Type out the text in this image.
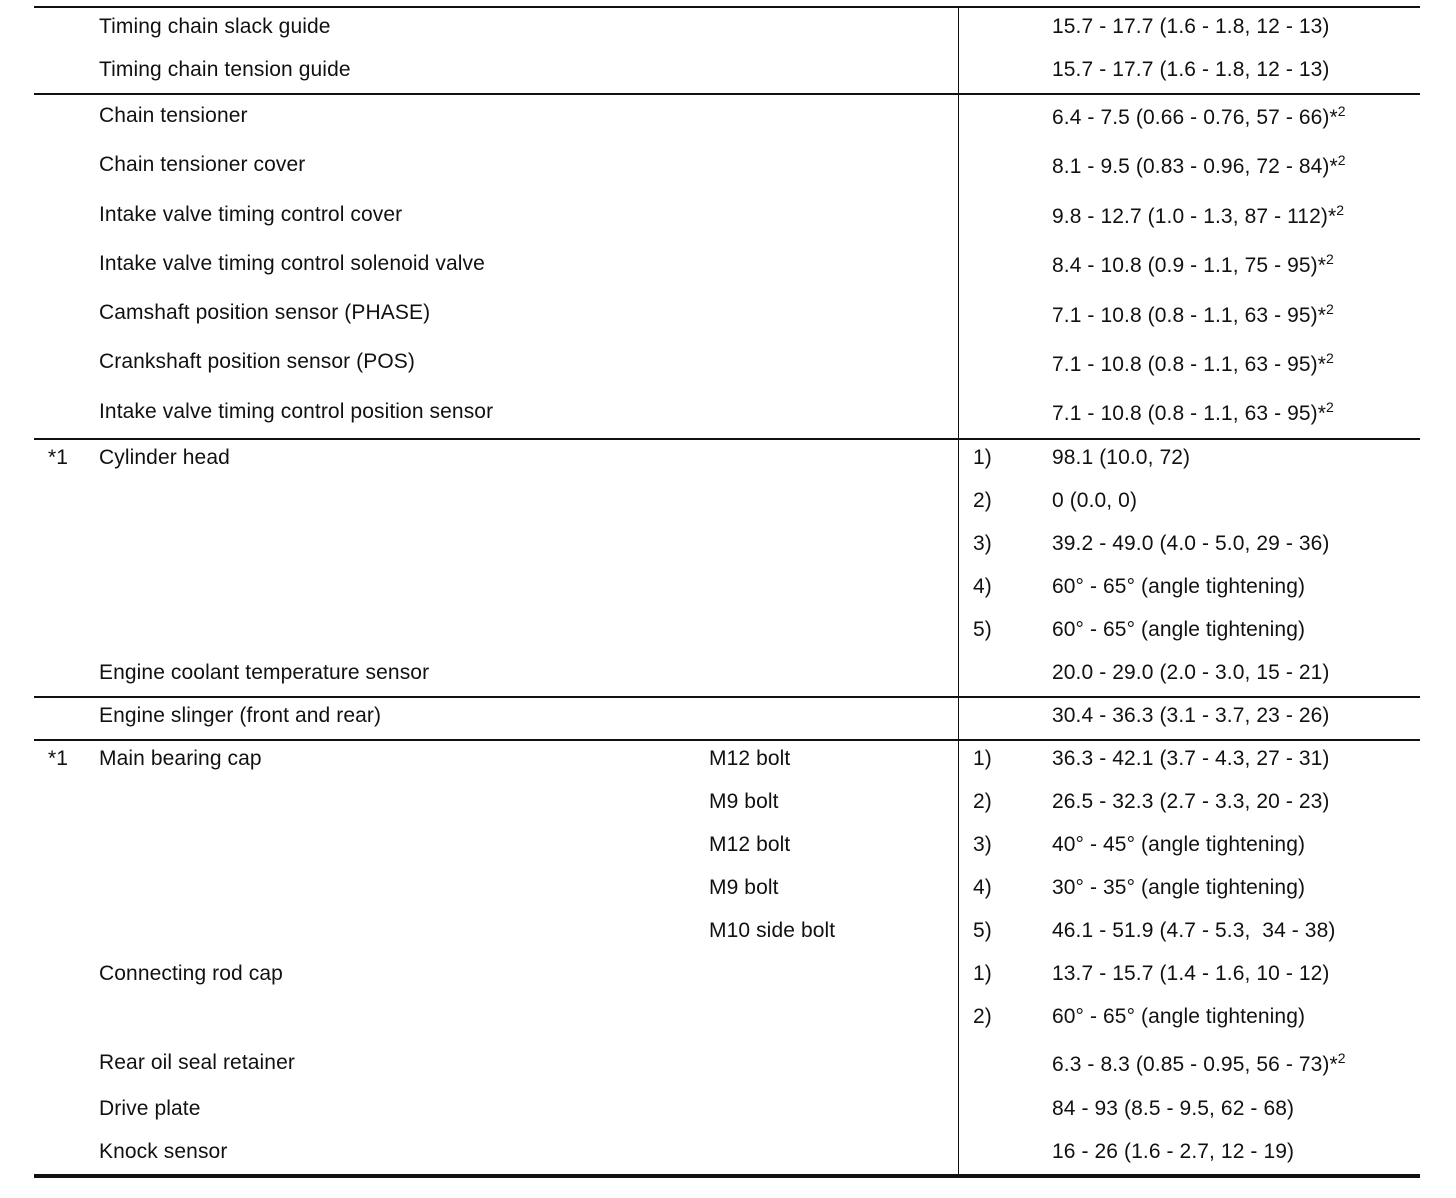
Timing chain slack guide	15.7 - 17.7 (1.6 - 1.8, 12 - 13)
Timing chain tension guide	15.7 - 17.7 (1.6 - 1.8, 12 - 13)
Chain tensioner	6.4 - 7.5 (0.66 - 0.76, 57 - 66)*$^2$
Chain tensioner cover	8.1 - 9.5 (0.83 - 0.96, 72 - 84)*$^2$
Intake valve timing control cover	9.8 - 12.7 (1.0 - 1.3, 87 - 112)*$^2$
Intake valve timing control solenoid valve	8.4 - 10.8 (0.9 - 1.1, 75 - 95)*$^2$
Camshaft position sensor (PHASE)	7.1 - 10.8 (0.8 - 1.1, 63 - 95)*$^2$
Crankshaft position sensor (POS)	7.1 - 10.8 (0.8 - 1.1, 63 - 95)*$^2$
Intake valve timing control position sensor	7.1 - 10.8 (0.8 - 1.1, 63 - 95)*$^2$
*1 Cylinder head	1)	98.1 (10.0, 72)
2)	0 (0.0, 0)
3)	39.2 - 49.0 (4.0 - 5.0, 29 - 36)
4)	60° - 65° (angle tightening)
5)	60° - 65° (angle tightening)
Engine coolant temperature sensor	20.0 - 29.0 (2.0 - 3.0, 15 - 21)
Engine slinger (front and rear)	30.4 - 36.3 (3.1 - 3.7, 23 - 26)
*1 Main bearing cap	M12 bolt	1)	36.3 - 42.1 (3.7 - 4.3, 27 - 31)
M9 bolt	2)	26.5 - 32.3 (2.7 - 3.3, 20 - 23)
M12 bolt	3)	40° - 45° (angle tightening)
M9 bolt	4)	30° - 35° (angle tightening)
M10 side bolt	5)	46.1 - 51.9 (4.7 - 5.3,  34 - 38)
Connecting rod cap	1)	13.7 - 15.7 (1.4 - 1.6, 10 - 12)
2)	60° - 65° (angle tightening)
Rear oil seal retainer	6.3 - 8.3 (0.85 - 0.95, 56 - 73)*$^2$
Drive plate	84 - 93 (8.5 - 9.5, 62 - 68)
Knock sensor	16 - 26 (1.6 - 2.7, 12 - 19)
